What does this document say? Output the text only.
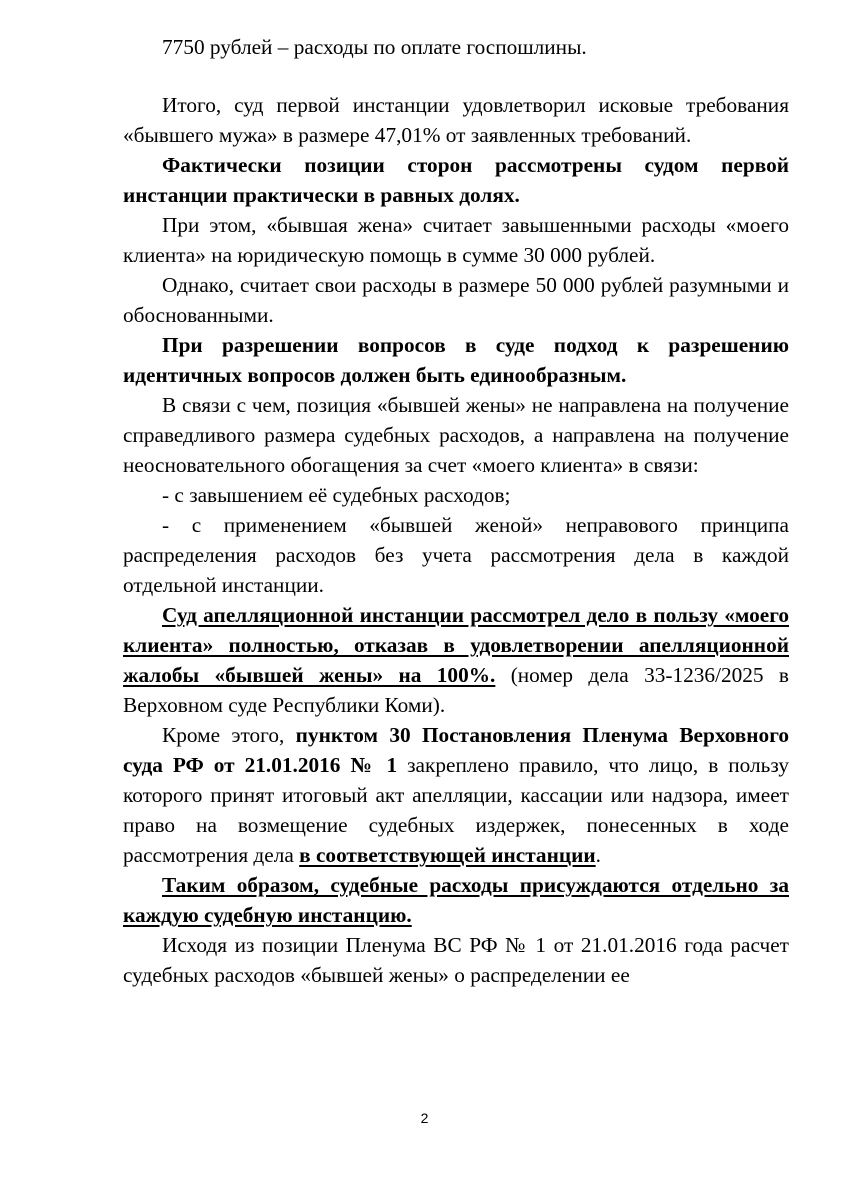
7750 рублей – расходы по оплате госпошлины.

Итого, суд первой инстанции удовлетворил исковые требования «бывшего мужа» в размере 47,01% от заявленных требований.

Фактически позиции сторон рассмотрены судом первой инстанции практически в равных долях.

При этом, «бывшая жена» считает завышенными расходы «моего клиента» на юридическую помощь в сумме 30 000 рублей.

Однако, считает свои расходы в размере 50 000 рублей разумными и обоснованными.

При разрешении вопросов в суде подход к разрешению идентичных вопросов должен быть единообразным.

В связи с чем, позиция «бывшей жены» не направлена на получение справедливого размера судебных расходов, а направлена на получение неосновательного обогащения за счет «моего клиента» в связи:

- с завышением её судебных расходов;

- с применением «бывшей женой» неправового принципа распределения расходов без учета рассмотрения дела в каждой отдельной инстанции.

Суд апелляционной инстанции рассмотрел дело в пользу «моего клиента» полностью, отказав в удовлетворении апелляционной жалобы «бывшей жены» на 100%. (номер дела 33-1236/2025 в Верховном суде Республики Коми).

Кроме этого, пунктом 30 Постановления Пленума Верховного суда РФ от 21.01.2016 № 1 закреплено правило, что лицо, в пользу которого принят итоговый акт апелляции, кассации или надзора, имеет право на возмещение судебных издержек, понесенных в ходе рассмотрения дела в соответствующей инстанции.

Таким образом, судебные расходы присуждаются отдельно за каждую судебную инстанцию.

Исходя из позиции Пленума ВС РФ № 1 от 21.01.2016 года расчет судебных расходов «бывшей жены» о распределении ее

2
